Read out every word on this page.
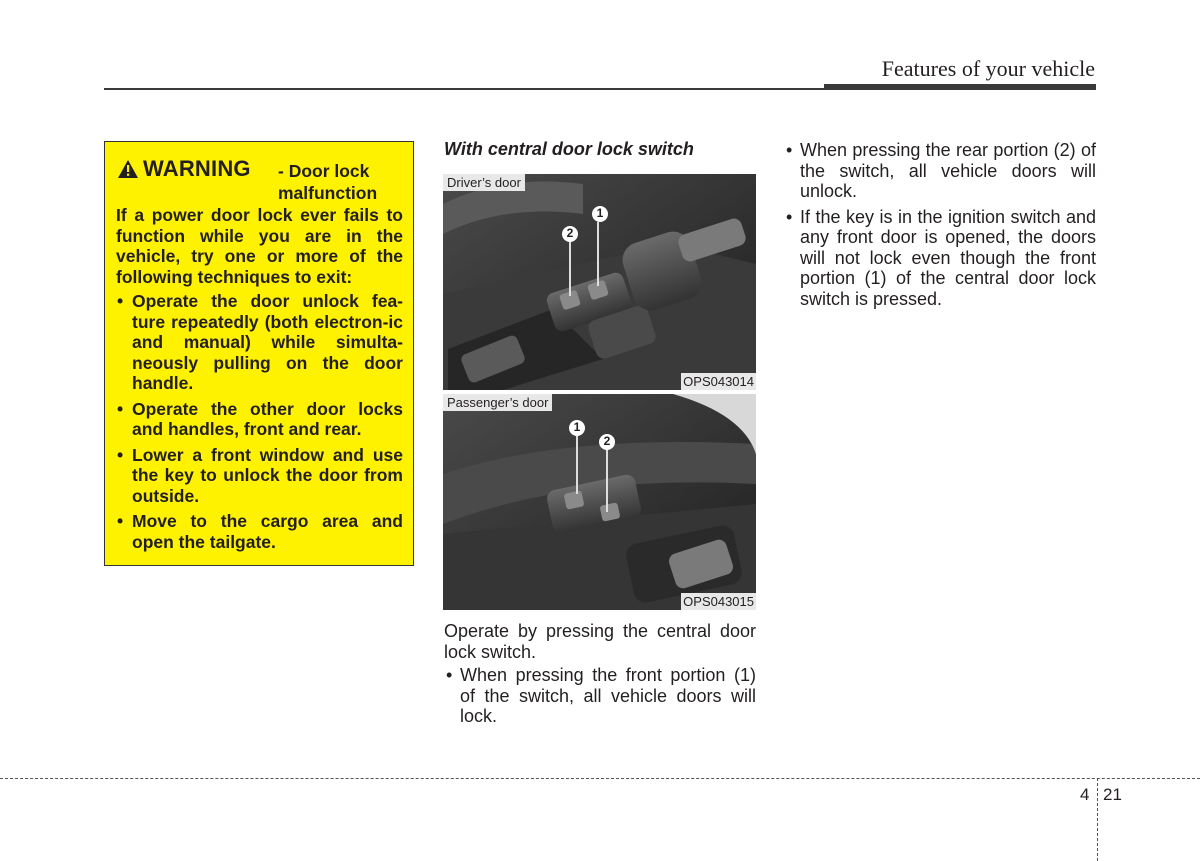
Features of your vehicle
WARNING - Door lock malfunction
If a power door lock ever fails to function while you are in the vehicle, try one or more of the following techniques to exit:
• Operate the door unlock fea-ture repeatedly (both electron-ic and manual) while simulta-neously pulling on the door handle.
• Operate the other door locks and handles, front and rear.
• Lower a front window and use the key to unlock the door from outside.
• Move to the cargo area and open the tailgate.
With central door lock switch
1
2
Driver’s door
OPS043014
1
2
Passenger’s door
OPS043015

Operate by pressing the central door lock switch.

• When pressing the front portion (1) of the switch, all vehicle doors will lock.
• When pressing the rear portion (2) of the switch, all vehicle doors will unlock.
• If the key is in the ignition switch and any front door is opened, the doors will not lock even though the front portion (1) of the central door lock switch is pressed.
4 21
